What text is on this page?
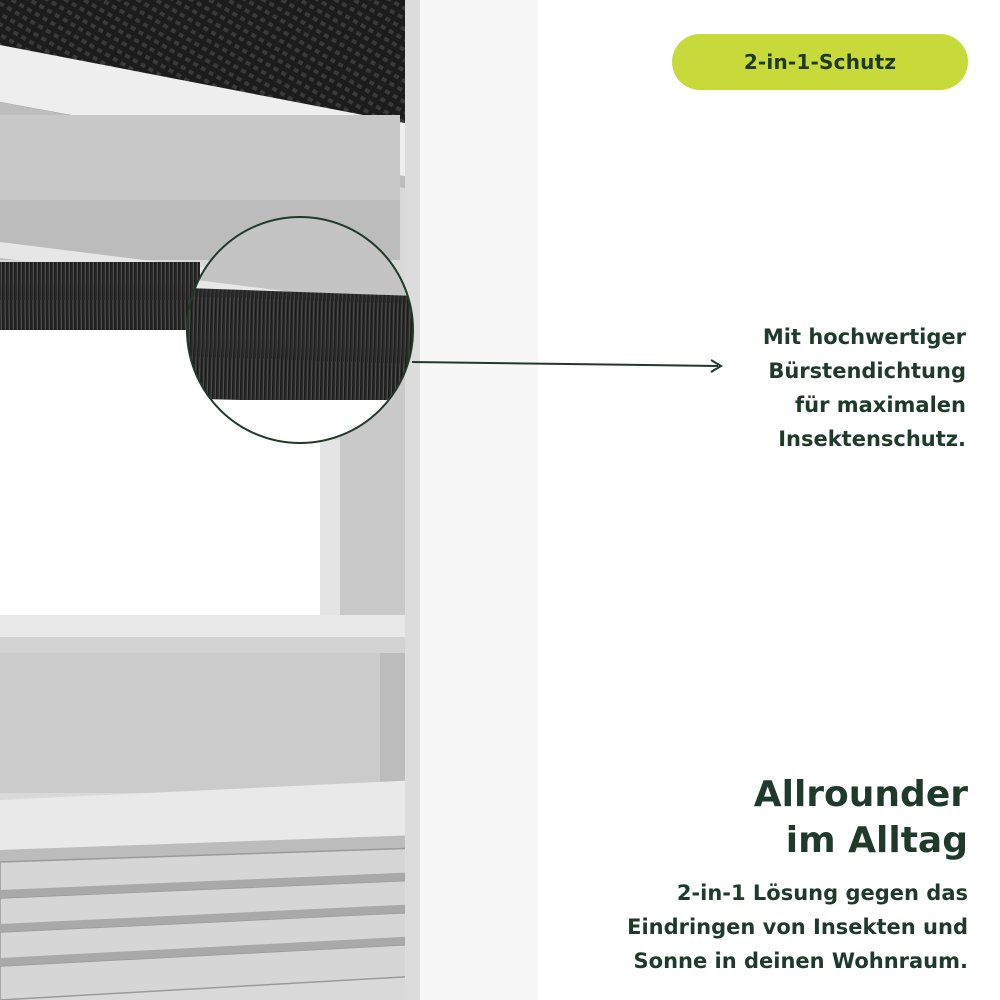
2-in-1-Schutz
Mit hochwertiger
Bürstendichtung
für maximalen
Insektenschutz.
Allrounder
im Alltag
2-in-1 Lösung gegen das
Eindringen von Insekten und
Sonne in deinen Wohnraum.
